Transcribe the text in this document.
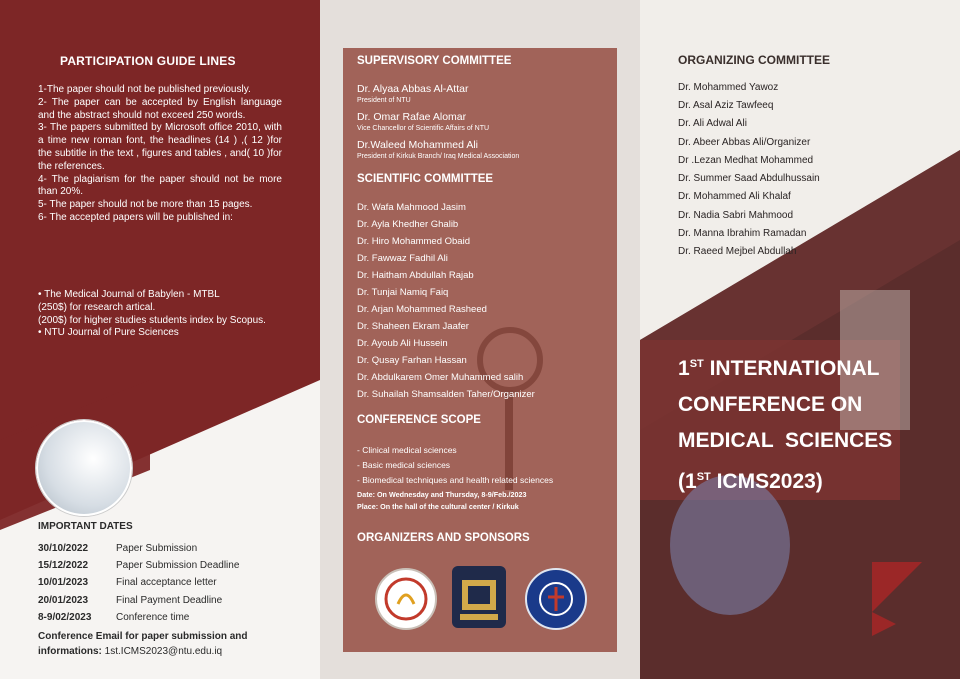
PARTICIPATION GUIDE LINES

1-The paper should not be published previously.

2- The paper can be accepted by English language and the abstract should not exceed 250 words.

3- The papers submitted by Microsoft office 2010, with a time new roman font, the headlines (14 ) ,( 12 )for the subtitle in the text , figures and tables , and( 10 )for the references.

4- The plagiarism for the paper should not be more than 20%.

5- The paper should not be more than 15 pages.

6- The accepted papers will be published in:

• The Medical Journal of Babylen - MTBL

(250$) for research artical.

(200$) for higher studies students index by Scopus.

• NTU Journal of Pure Sciences

IMPORTANT DATES
30/10/2022	Paper Submission
15/12/2022	Paper Submission Deadline
10/01/2023	Final acceptance letter
20/01/2023	Final Payment Deadline
8-9/02/2023	Conference time
Conference Email for paper submission and informations: 1st.ICMS2023@ntu.edu.iq
SUPERVISORY COMMITTEE
Dr. Alyaa Abbas Al-Attar
President of NTU
Dr. Omar Rafae Alomar
Vice Chancellor of Scientific Affairs of NTU
Dr.Waleed Mohammed Ali
President of Kirkuk Branch/ Iraq Medical Association
SCIENTIFIC COMMITTEE
Dr. Wafa Mahmood Jasim
Dr. Ayla Khedher Ghalib
Dr. Hiro Mohammed Obaid
Dr. Fawwaz Fadhil Ali
Dr. Haitham Abdullah Rajab
Dr. Tunjai Namiq Faiq
Dr. Arjan Mohammed Rasheed
Dr. Shaheen Ekram Jaafer
Dr. Ayoub Ali Hussein
Dr. Qusay Farhan Hassan
Dr. Abdulkarem Omer Muhammed salih
Dr. Suhailah Shamsalden Taher/Organizer
CONFERENCE SCOPE
- Clinical medical sciences
- Basic medical sciences
- Biomedical techniques and health related sciences
Date: On Wednesday and Thursday, 8-9/Feb./2023
Place: On the hall of the cultural center / Kirkuk
ORGANIZERS AND SPONSORS
ORGANIZING COMMITTEE
Dr. Mohammed Yawoz
Dr. Asal Aziz Tawfeeq
Dr. Ali Adwal Ali
Dr. Abeer Abbas Ali/Organizer
Dr .Lezan Medhat Mohammed
Dr. Summer Saad Abdulhussain
Dr. Mohammed Ali Khalaf
Dr. Nadia Sabri Mahmood
Dr. Manna Ibrahim Ramadan
Dr. Raeed Mejbel Abdullah
1ST INTERNATIONAL
CONFERENCE ON
MEDICAL  SCIENCES
(1ST ICMS2023)
